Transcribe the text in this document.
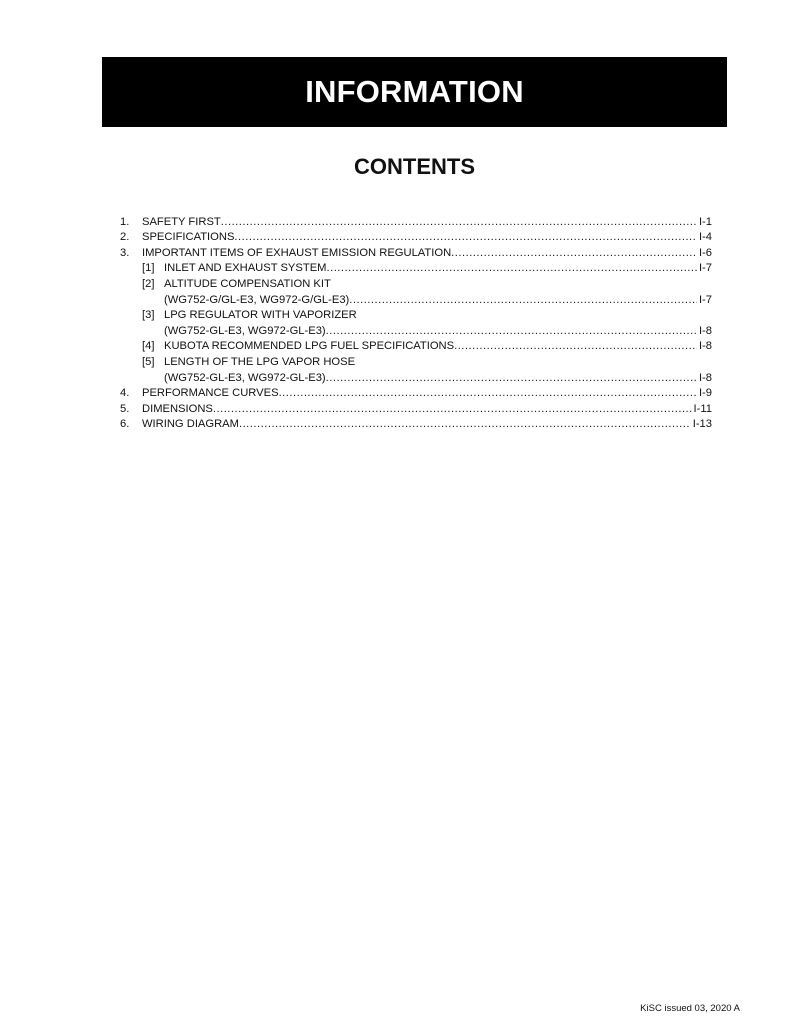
INFORMATION
CONTENTS
1.	SAFETY FIRST .....	I-1
2.	SPECIFICATIONS .....	I-4
3.	IMPORTANT ITEMS OF EXHAUST EMISSION REGULATION .....	I-6
[1] INLET AND EXHAUST SYSTEM .....	I-7
[2] ALTITUDE COMPENSATION KIT
(WG752-G/GL-E3, WG972-G/GL-E3) .....	I-7
[3] LPG REGULATOR WITH VAPORIZER
(WG752-GL-E3, WG972-GL-E3) .....	I-8
[4] KUBOTA RECOMMENDED LPG FUEL SPECIFICATIONS .....	I-8
[5] LENGTH OF THE LPG VAPOR HOSE
(WG752-GL-E3, WG972-GL-E3) .....	I-8
4.	PERFORMANCE CURVES .....	I-9
5.	DIMENSIONS .....	I-11
6.	WIRING DIAGRAM .....	I-13
KiSC issued 03, 2020 A
